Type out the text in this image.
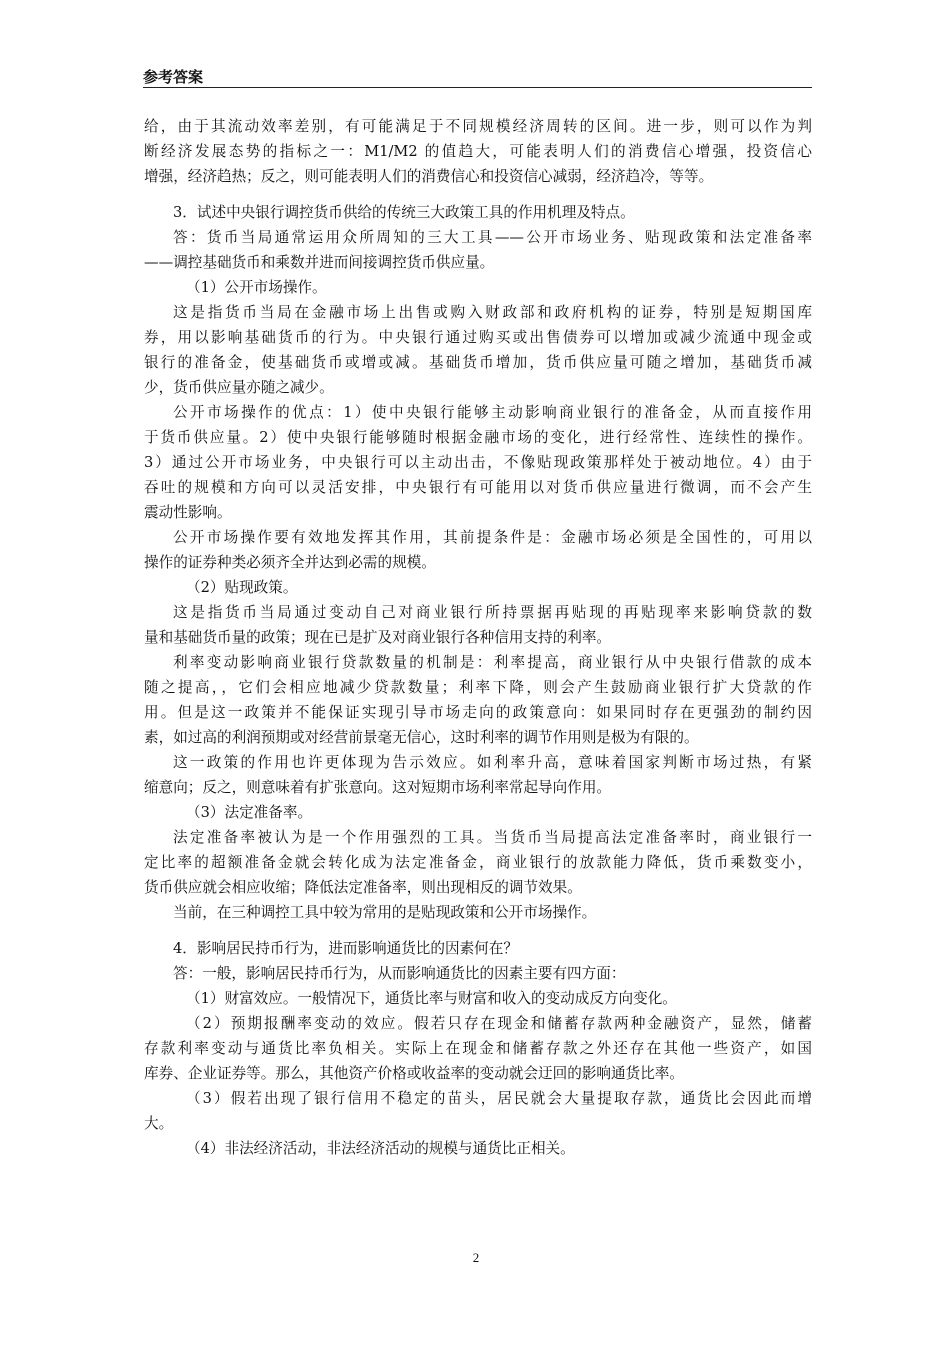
参考答案
给，由于其流动效率差别，有可能满足于不同规模经济周转的区间。进一步，则可以作为判
断经济发展态势的指标之一：M1/M2 的值趋大，可能表明人们的消费信心增强，投资信心
增强，经济趋热；反之，则可能表明人们的消费信心和投资信心减弱，经济趋冷，等等。
3．试述中央银行调控货币供给的传统三大政策工具的作用机理及特点。
答：货币当局通常运用众所周知的三大工具——公开市场业务、贴现政策和法定准备率
——调控基础货币和乘数并进而间接调控货币供应量。
（1）公开市场操作。
这是指货币当局在金融市场上出售或购入财政部和政府机构的证券，特别是短期国库
券，用以影响基础货币的行为。中央银行通过购买或出售债券可以增加或减少流通中现金或
银行的准备金，使基础货币或增或减。基础货币增加，货币供应量可随之增加，基础货币减
少，货币供应量亦随之减少。
公开市场操作的优点：1）使中央银行能够主动影响商业银行的准备金，从而直接作用
于货币供应量。2）使中央银行能够随时根据金融市场的变化，进行经常性、连续性的操作。
3）通过公开市场业务，中央银行可以主动出击，不像贴现政策那样处于被动地位。4）由于
吞吐的规模和方向可以灵活安排，中央银行有可能用以对货币供应量进行微调，而不会产生
震动性影响。
公开市场操作要有效地发挥其作用，其前提条件是：金融市场必须是全国性的，可用以
操作的证券种类必须齐全并达到必需的规模。
（2）贴现政策。
这是指货币当局通过变动自己对商业银行所持票据再贴现的再贴现率来影响贷款的数
量和基础货币量的政策；现在已是扩及对商业银行各种信用支持的利率。
利率变动影响商业银行贷款数量的机制是：利率提高，商业银行从中央银行借款的成本
随之提高，，它们会相应地减少贷款数量；利率下降，则会产生鼓励商业银行扩大贷款的作
用。但是这一政策并不能保证实现引导市场走向的政策意向：如果同时存在更强劲的制约因
素，如过高的利润预期或对经营前景毫无信心，这时利率的调节作用则是极为有限的。
这一政策的作用也许更体现为告示效应。如利率升高，意味着国家判断市场过热，有紧
缩意向；反之，则意味着有扩张意向。这对短期市场利率常起导向作用。
（3）法定准备率。
法定准备率被认为是一个作用强烈的工具。当货币当局提高法定准备率时，商业银行一
定比率的超额准备金就会转化成为法定准备金，商业银行的放款能力降低，货币乘数变小，
货币供应就会相应收缩；降低法定准备率，则出现相反的调节效果。
当前，在三种调控工具中较为常用的是贴现政策和公开市场操作。
4．影响居民持币行为，进而影响通货比的因素何在？
答：一般，影响居民持币行为，从而影响通货比的因素主要有四方面：
（1）财富效应。一般情况下，通货比率与财富和收入的变动成反方向变化。
（2）预期报酬率变动的效应。假若只存在现金和储蓄存款两种金融资产，显然，储蓄
存款利率变动与通货比率负相关。实际上在现金和储蓄存款之外还存在其他一些资产，如国
库券、企业证券等。那么，其他资产价格或收益率的变动就会迂回的影响通货比率。
（3）假若出现了银行信用不稳定的苗头，居民就会大量提取存款，通货比会因此而增
大。
（4）非法经济活动，非法经济活动的规模与通货比正相关。
2
